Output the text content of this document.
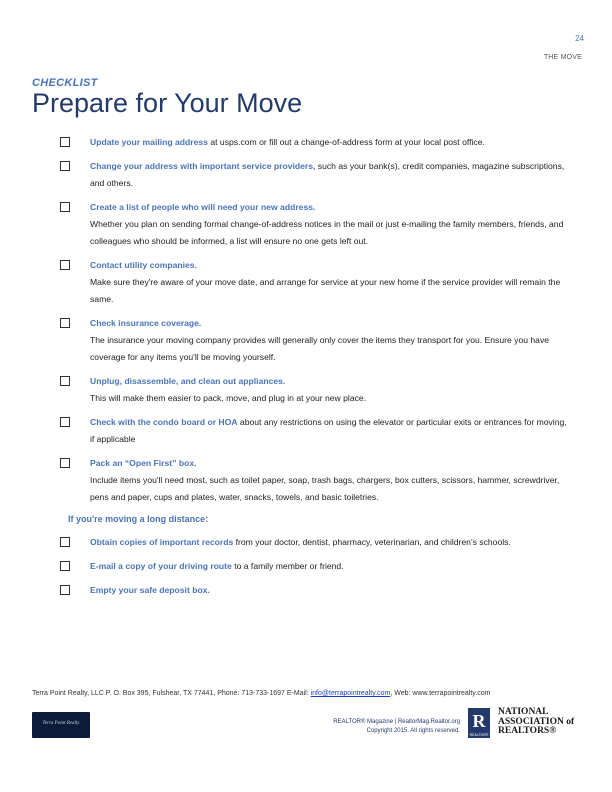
24
THE MOVE
CHECKLIST
Prepare for Your Move
Update your mailing address at usps.com or fill out a change-of-address form at your local post office.
Change your address with important service providers, such as your bank(s), credit companies, magazine subscriptions, and others.
Create a list of people who will need your new address.
Whether you plan on sending formal change-of-address notices in the mail or just e-mailing the family members, friends, and colleagues who should be informed, a list will ensure no one gets left out.
Contact utility companies.
Make sure they're aware of your move date, and arrange for service at your new home if the service provider will remain the same.
Check insurance coverage.
The insurance your moving company provides will generally only cover the items they transport for you. Ensure you have coverage for any items you'll be moving yourself.
Unplug, disassemble, and clean out appliances.
This will make them easier to pack, move, and plug in at your new place.
Check with the condo board or HOA about any restrictions on using the elevator or particular exits or entrances for moving, if applicable
Pack an “Open First” box.
Include items you'll need most, such as toilet paper, soap, trash bags, chargers, box cutters, scissors, hammer, screwdriver, pens and paper, cups and plates, water, snacks, towels, and basic toiletries.
If you're moving a long distance:
Obtain copies of important records from your doctor, dentist, pharmacy, veterinarian, and children's schools.
E-mail a copy of your driving route to a family member or friend.
Empty your safe deposit box.
Terra Point Realty, LLC P. O. Box 395, Fulshear, TX 77441, Phone: 713-733-1697 E-Mail: info@terrapointrealty.com, Web: www.terrapointrealty.com
Terra Point Realty	REALTOR® Magazine | RealtorMag.Realtor.org
Copyright 2015. All rights reserved. R
REALTOR®
NATIONAL
ASSOCIATION of
REALTORS®
